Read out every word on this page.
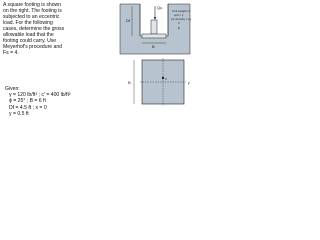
A square footing is shown

on the right. The footing is

subjected to an eccentric

load. For the following

cases, determine the gross

allowable load that the

footing could carry. Use

Meyerhof's procedure and

Fs = 4.

Given:
γ = 120 lb/ft³ ; c' = 400 lb/ft²
ϕ = 25° ; B = 6 ft
Df = 4.5 ft ; x = 0
y = 0.5 ft
Qu
Df
Unit weight of
soil = γ
(or density = ρ)
c'
ϕ'
B
x
y
B
